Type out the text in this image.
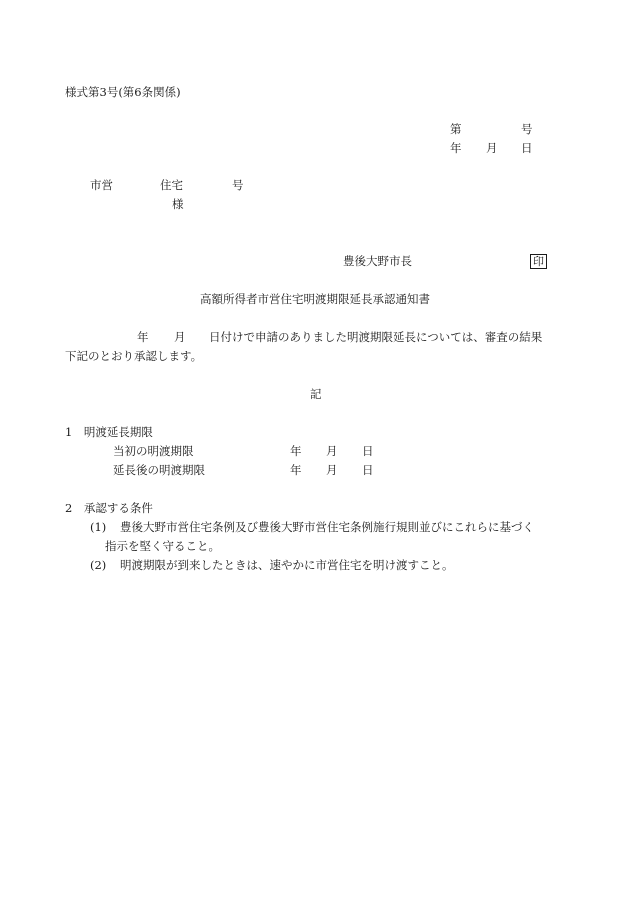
様式第3号(第6条関係)
第	号
年 月 日
市営	住宅	号
様
豊後大野市長	印
高額所得者市営住宅明渡期限延長承認通知書
年 月 日付けで申請のありました明渡期限延長については、審査の結果
下記のとおり承認します。
記
1　明渡延長期限
当初の明渡期限	年 月 日
延長後の明渡期限	年 月 日
2　承認する条件
(1) 豊後大野市営住宅条例及び豊後大野市営住宅条例施行規則並びにこれらに基づく
指示を堅く守ること。
(2) 明渡期限が到来したときは、速やかに市営住宅を明け渡すこと。
